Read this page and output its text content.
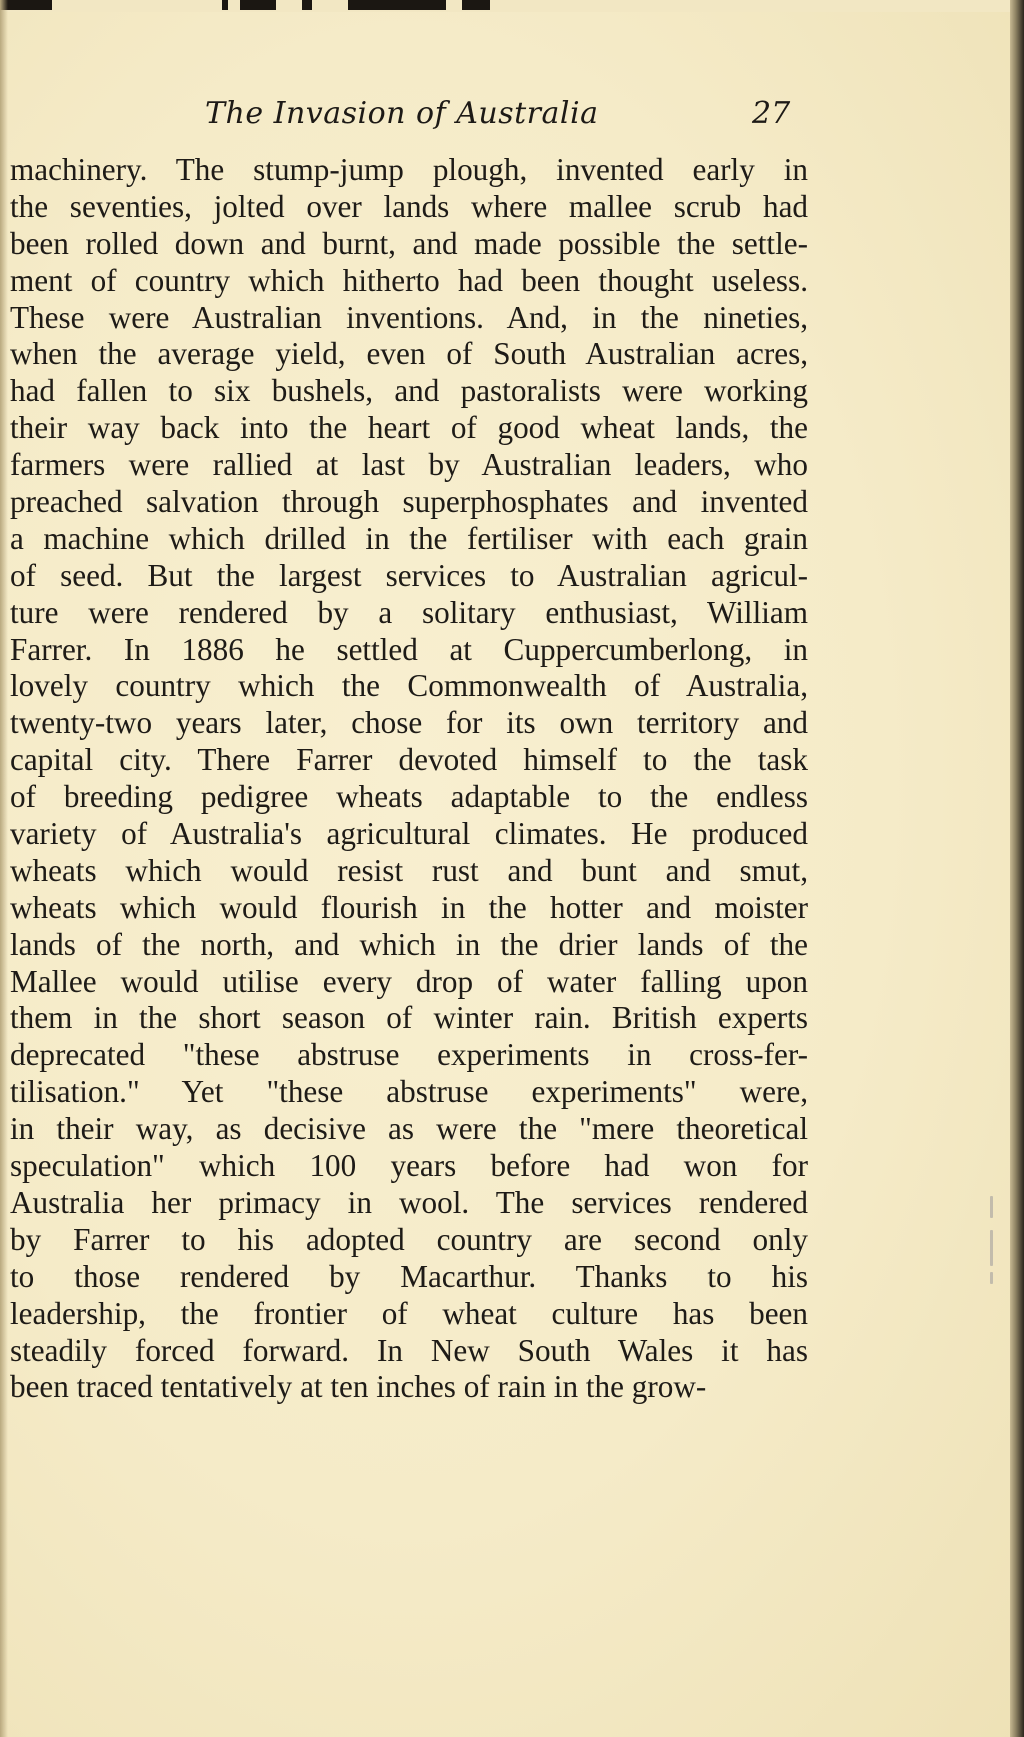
The Invasion of Australia	27
machinery. The stump-jump plough, invented early in
the seventies, jolted over lands where mallee scrub had
been rolled down and burnt, and made possible the settle-
ment of country which hitherto had been thought useless.
These were Australian inventions. And, in the nineties,
when the average yield, even of South Australian acres,
had fallen to six bushels, and pastoralists were working
their way back into the heart of good wheat lands, the
farmers were rallied at last by Australian leaders, who
preached salvation through superphosphates and invented
a machine which drilled in the fertiliser with each grain
of seed. But the largest services to Australian agricul-
ture were rendered by a solitary enthusiast, William
Farrer. In 1886 he settled at Cuppercumberlong, in
lovely country which the Commonwealth of Australia,
twenty-two years later, chose for its own territory and
capital city. There Farrer devoted himself to the task
of breeding pedigree wheats adaptable to the endless
variety of Australia's agricultural climates. He produced
wheats which would resist rust and bunt and smut,
wheats which would flourish in the hotter and moister
lands of the north, and which in the drier lands of the
Mallee would utilise every drop of water falling upon
them in the short season of winter rain. British experts
deprecated "these abstruse experiments in cross-fer-
tilisation." Yet "these abstruse experiments" were,
in their way, as decisive as were the "mere theoretical
speculation" which 100 years before had won for
Australia her primacy in wool. The services rendered
by Farrer to his adopted country are second only
to those rendered by Macarthur. Thanks to his
leadership, the frontier of wheat culture has been
steadily forced forward. In New South Wales it has
been traced tentatively at ten inches of rain in the grow-
